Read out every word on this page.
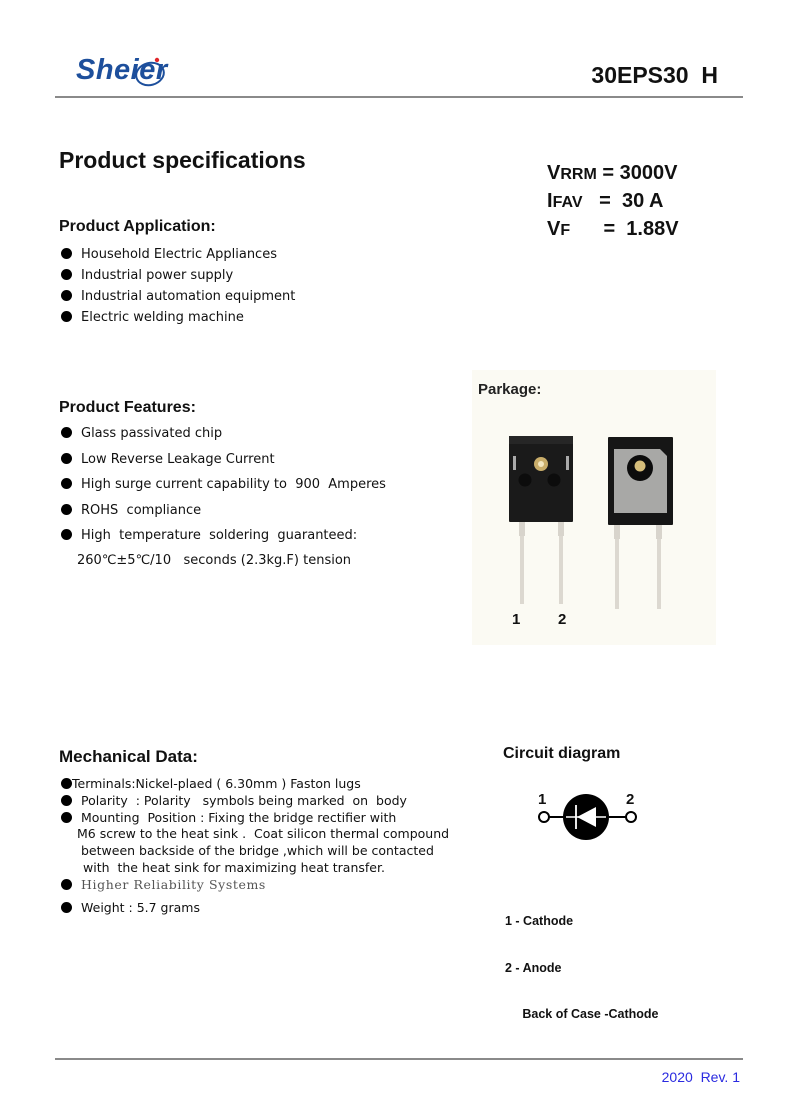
Sheier	30EPS30  H
Product specifications	VRRM = 3000V
IFAV = 30 A
VF = 1.88V
Product Application:
Household Electric Appliances
Industrial power supply
Industrial automation equipment
Electric welding machine
Product Features:
Glass passivated chip
Low Reverse Leakage Current
High surge current capability to  900  Amperes
ROHS  compliance
High  temperature  soldering  guaranteed:
260℃±5℃/10   seconds (2.3kg.F) tension
Parkage:
1	2
Mechanical Data:
Terminals:Nickel-plaed ( 6.30mm ) Faston lugs
Polarity  : Polarity   symbols being marked  on  body
Mounting  Position : Fixing the bridge rectifier with
M6 screw to the heat sink .  Coat silicon thermal compound
between backside of the bridge ,which will be contacted
with  the heat sink for maximizing heat transfer.
Higher Reliability Systems
Weight : 5.7 grams
Circuit diagram
1	2

1 - Cathode

2 - Anode

Back of Case -Cathode

2020  Rev. 1
